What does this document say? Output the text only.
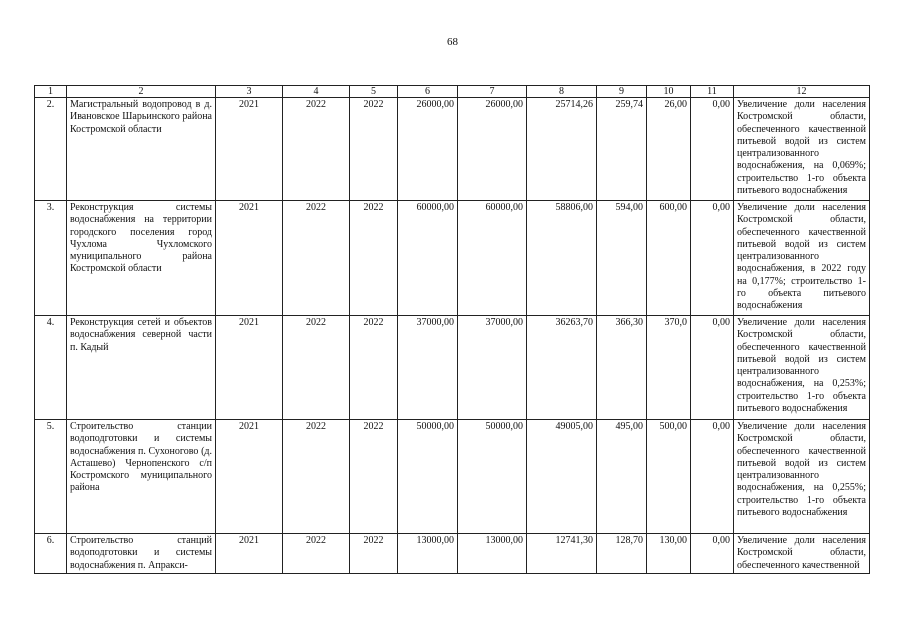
68
1	2	3	4	5	6	7	8	9	10	11	12
2.	Магистральный водопровод в д. Ивановское Шарьинского района Костромской области	2021	2022	2022	26000,00	26000,00	25714,26	259,74	26,00	0,00	Увеличение доли населения Костромской области, обеспеченного качественной питьевой водой из систем централизованного водоснабжения, на 0,069%; строительство 1-го объекта питьевого водоснабжения
3.	Реконструкция системы водоснабжения на территории городского поселения город Чухлома Чухломского муниципального района Костромской области	2021	2022	2022	60000,00	60000,00	58806,00	594,00	600,00	0,00	Увеличение доли населения Костромской области, обеспеченного качественной питьевой водой из систем централизованного водоснабжения, в 2022 году на 0,177%; строительство 1-го объекта питьевого водоснабжения
4.	Реконструкция сетей и объектов водоснабжения северной части п. Кадый	2021	2022	2022	37000,00	37000,00	36263,70	366,30	370,0	0,00	Увеличение доли населения Костромской области, обеспеченного качественной питьевой водой из систем централизованного водоснабжения, на 0,253%; строительство 1-го объекта питьевого водоснабжения
5.	Строительство станции водоподготовки и системы водоснабжения п. Сухоногово (д. Асташево) Чернопенского с/п Костромского муниципального района	2021	2022	2022	50000,00	50000,00	49005,00	495,00	500,00	0,00	Увеличение доли населения Костромской области, обеспеченного качественной питьевой водой из систем централизованного водоснабжения, на 0,255%; строительство 1-го объекта питьевого водоснабжения
6.	Строительство станций водоподготовки и системы водоснабжения п. Апракси-	2021	2022	2022	13000,00	13000,00	12741,30	128,70	130,00	0,00	Увеличение доли населения Костромской области, обеспеченного качественной
